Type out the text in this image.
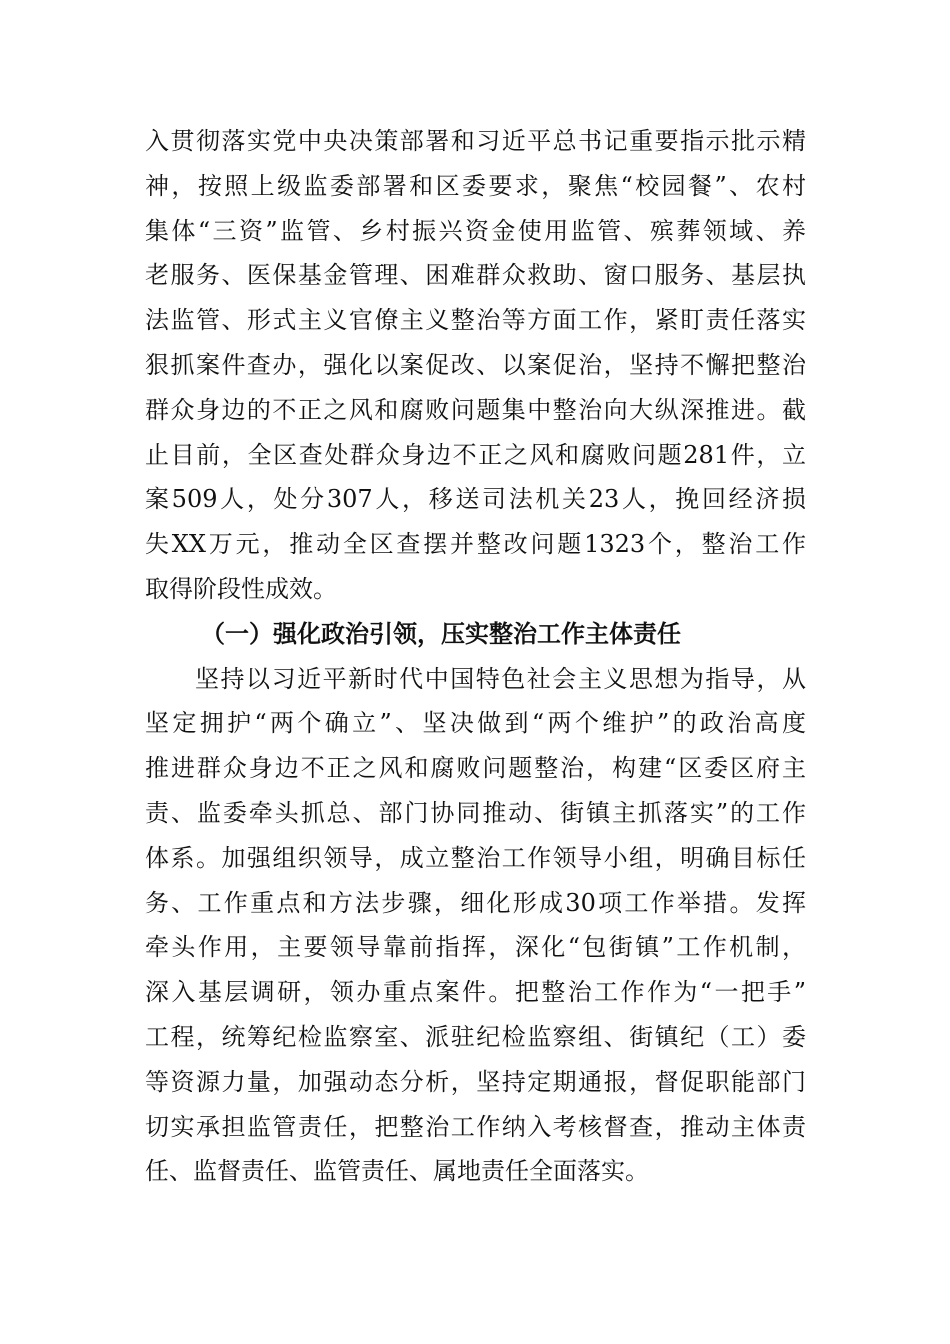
入贯彻落实党中央决策部署和习近平总书记重要指示批示精
神，按照上级监委部署和区委要求，聚焦“校园餐”、农村
集体“三资”监管、乡村振兴资金使用监管、殡葬领域、养
老服务、医保基金管理、困难群众救助、窗口服务、基层执
法监管、形式主义官僚主义整治等方面工作，紧盯责任落实
狠抓案件查办，强化以案促改、以案促治，坚持不懈把整治
群众身边的不正之风和腐败问题集中整治向大纵深推进。截
止目前，全区查处群众身边不正之风和腐败问题281件，立
案509人，处分307人，移送司法机关23人，挽回经济损
失XX万元，推动全区查摆并整改问题1323个，整治工作
取得阶段性成效。
（一）强化政治引领，压实整治工作主体责任
坚持以习近平新时代中国特色社会主义思想为指导，从
坚定拥护“两个确立”、坚决做到“两个维护”的政治高度
推进群众身边不正之风和腐败问题整治，构建“区委区府主
责、监委牵头抓总、部门协同推动、街镇主抓落实”的工作
体系。加强组织领导，成立整治工作领导小组，明确目标任
务、工作重点和方法步骤，细化形成30项工作举措。发挥
牵头作用，主要领导靠前指挥，深化“包街镇”工作机制，
深入基层调研，领办重点案件。把整治工作作为“一把手”
工程，统筹纪检监察室、派驻纪检监察组、街镇纪（工）委
等资源力量，加强动态分析，坚持定期通报，督促职能部门
切实承担监管责任，把整治工作纳入考核督查，推动主体责
任、监督责任、监管责任、属地责任全面落实。
